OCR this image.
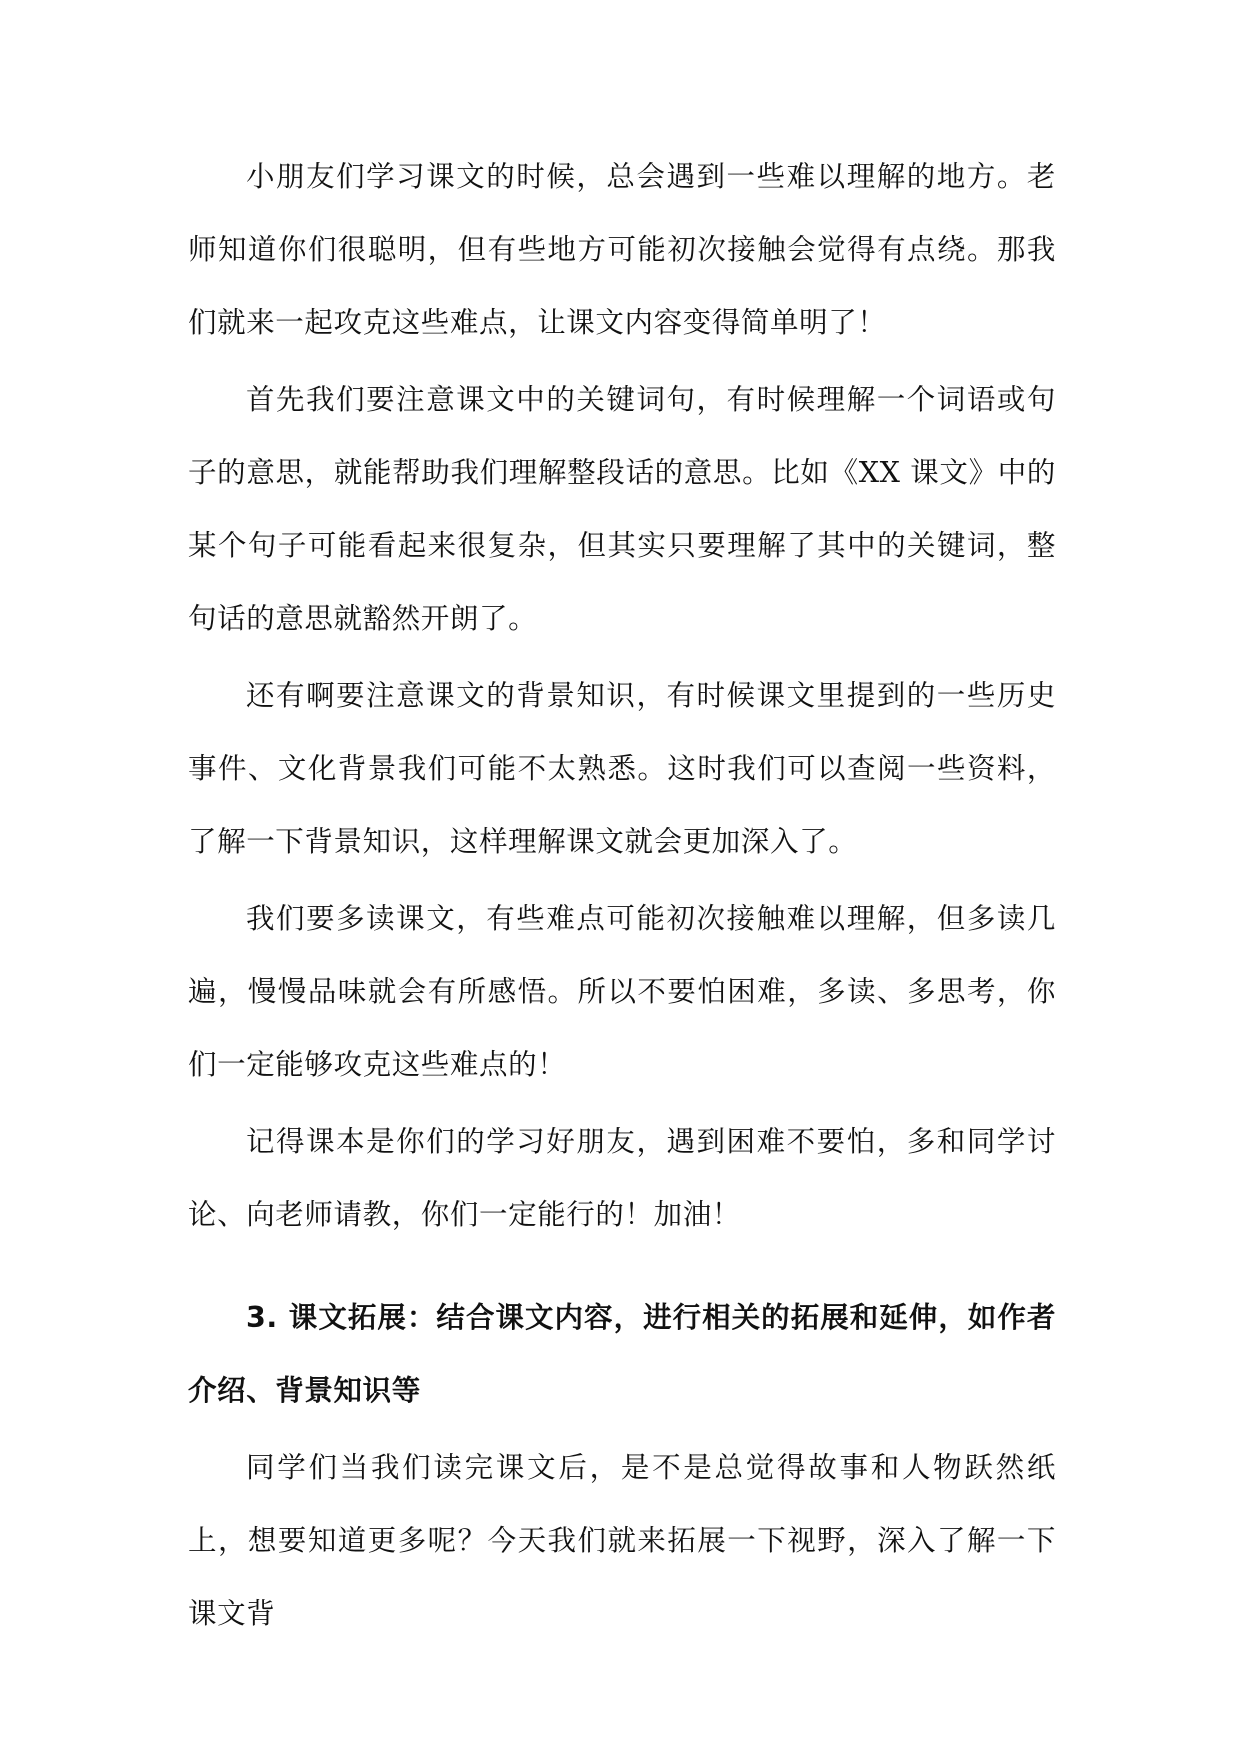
小朋友们学习课文的时候，总会遇到一些难以理解的地方。老师知道你们很聪明，但有些地方可能初次接触会觉得有点绕。那我们就来一起攻克这些难点，让课文内容变得简单明了！

首先我们要注意课文中的关键词句，有时候理解一个词语或句子的意思，就能帮助我们理解整段话的意思。比如《XX 课文》中的某个句子可能看起来很复杂，但其实只要理解了其中的关键词，整句话的意思就豁然开朗了。

还有啊要注意课文的背景知识，有时候课文里提到的一些历史事件、文化背景我们可能不太熟悉。这时我们可以查阅一些资料，了解一下背景知识，这样理解课文就会更加深入了。

我们要多读课文，有些难点可能初次接触难以理解，但多读几遍，慢慢品味就会有所感悟。所以不要怕困难，多读、多思考，你们一定能够攻克这些难点的！

记得课本是你们的学习好朋友，遇到困难不要怕，多和同学讨论、向老师请教，你们一定能行的！加油！

3. 课文拓展：结合课文内容，进行相关的拓展和延伸，如作者介绍、背景知识等

同学们当我们读完课文后，是不是总觉得故事和人物跃然纸上，想要知道更多呢？今天我们就来拓展一下视野，深入了解一下课文背
